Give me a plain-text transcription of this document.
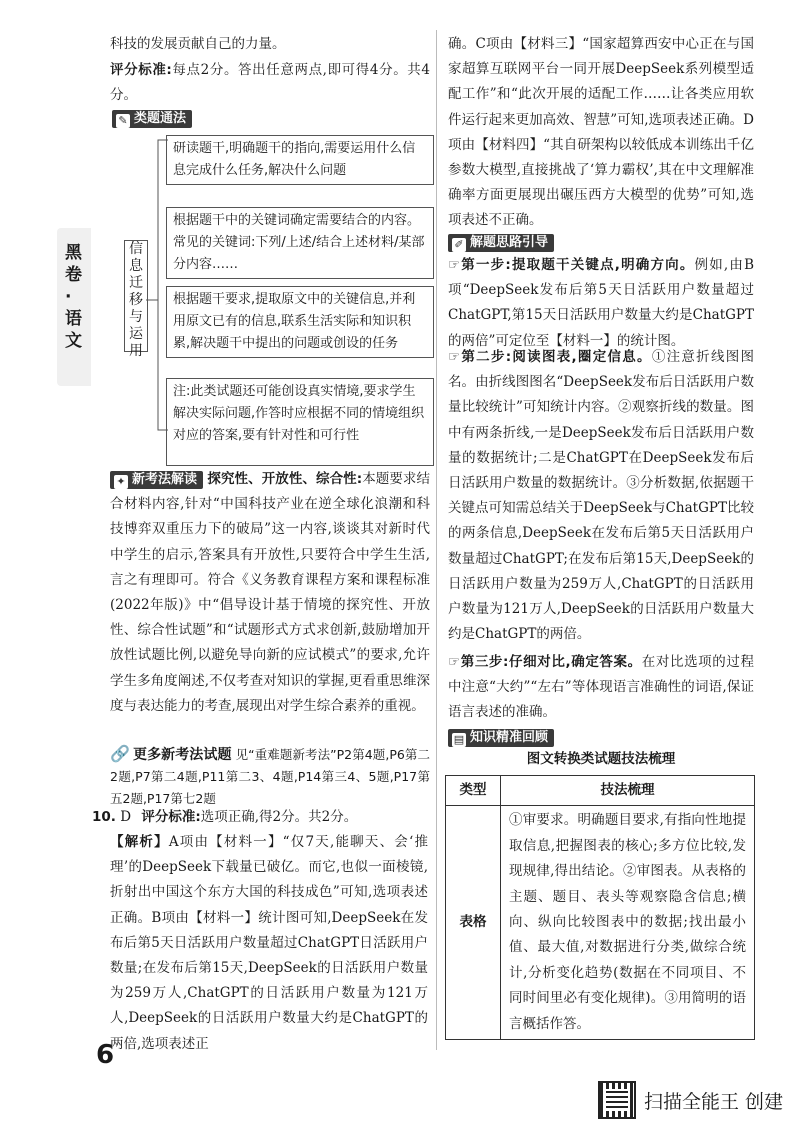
黑卷·语文
科技的发展贡献自己的力量。
评分标准:每点2分。答出任意两点,即可得4分。共4分。
✎ 类题通法
信息迁移与运用
研读题干,明确题干的指向,需要运用什么信息完成什么任务,解决什么问题
根据题干中的关键词确定需要结合的内容。常见的关键词:下列/上述/结合上述材料/某部分内容……
根据题干要求,提取原文中的关键信息,并利用原文已有的信息,联系生活实际和知识积累,解决题干中提出的问题或创设的任务
注:此类试题还可能创设真实情境,要求学生解决实际问题,作答时应根据不同的情境组织对应的答案,要有针对性和可行性
✦ 新考法解读 探究性、开放性、综合性:本题要求结合材料内容,针对“中国科技产业在逆全球化浪潮和科技博弈双重压力下的破局”这一内容,谈谈其对新时代中学生的启示,答案具有开放性,只要符合中学生生活,言之有理即可。符合《义务教育课程方案和课程标准(2022年版)》中“倡导设计基于情境的探究性、开放性、综合性试题”和“试题形式方式求创新,鼓励增加开放性试题比例,以避免导向新的应试模式”的要求,允许学生多角度阐述,不仅考查对知识的掌握,更看重思维深度与表达能力的考查,展现出对学生综合素养的重视。
🔗 更多新考法试题 见“重难题新考法”P2第4题,P6第二2题,P7第二4题,P11第二3、4题,P14第三4、5题,P17第五2题,P17第七2题
10. D 评分标准:选项正确,得2分。共2分。
【解析】A项由【材料一】“仅7天,能聊天、会‘推理’的DeepSeek下载量已破亿。而它,也似一面棱镜,折射出中国这个东方大国的科技成色”可知,选项表述正确。B项由【材料一】统计图可知,DeepSeek在发布后第5天日活跃用户数量超过ChatGPT日活跃用户数量;在发布后第15天,DeepSeek的日活跃用户数量为259万人,ChatGPT的日活跃用户数量为121万人,DeepSeek的日活跃用户数量大约是ChatGPT的两倍,选项表述正
6
确。C项由【材料三】“国家超算西安中心正在与国家超算互联网平台一同开展DeepSeek系列模型适配工作”和“此次开展的适配工作……让各类应用软件运行起来更加高效、智慧”可知,选项表述正确。D项由【材料四】“其自研架构以较低成本训练出千亿参数大模型,直接挑战了‘算力霸权’,其在中文理解准确率方面更展现出碾压西方大模型的优势”可知,选项表述不正确。
✐ 解题思路引导
☞第一步:提取题干关键点,明确方向。例如,由B项“DeepSeek发布后第5天日活跃用户数量超过ChatGPT,第15天日活跃用户数量大约是ChatGPT的两倍”可定位至【材料一】的统计图。
☞第二步:阅读图表,圈定信息。①注意折线图图名。由折线图图名“DeepSeek发布后日活跃用户数量比较统计”可知统计内容。②观察折线的数量。图中有两条折线,一是DeepSeek发布后日活跃用户数量的数据统计;二是ChatGPT在DeepSeek发布后日活跃用户数量的数据统计。③分析数据,依据题干关键点可知需总结关于DeepSeek与ChatGPT比较的两条信息,DeepSeek在发布后第5天日活跃用户数量超过ChatGPT;在发布后第15天,DeepSeek的日活跃用户数量为259万人,ChatGPT的日活跃用户数量为121万人,DeepSeek的日活跃用户数量大约是ChatGPT的两倍。
☞第三步:仔细对比,确定答案。在对比选项的过程中注意“大约”“左右”等体现语言准确性的词语,保证语言表述的准确。
▤ 知识精准回顾
图文转换类试题技法梳理
类型	技法梳理
表格	①审要求。明确题目要求,有指向性地提取信息,把握图表的核心;多方位比较,发现规律,得出结论。②审图表。从表格的主题、题目、表头等观察隐含信息;横向、纵向比较图表中的数据;找出最小值、最大值,对数据进行分类,做综合统计,分析变化趋势(数据在不同项目、不同时间里必有变化规律)。③用简明的语言概括作答。
扫描全能王 创建
